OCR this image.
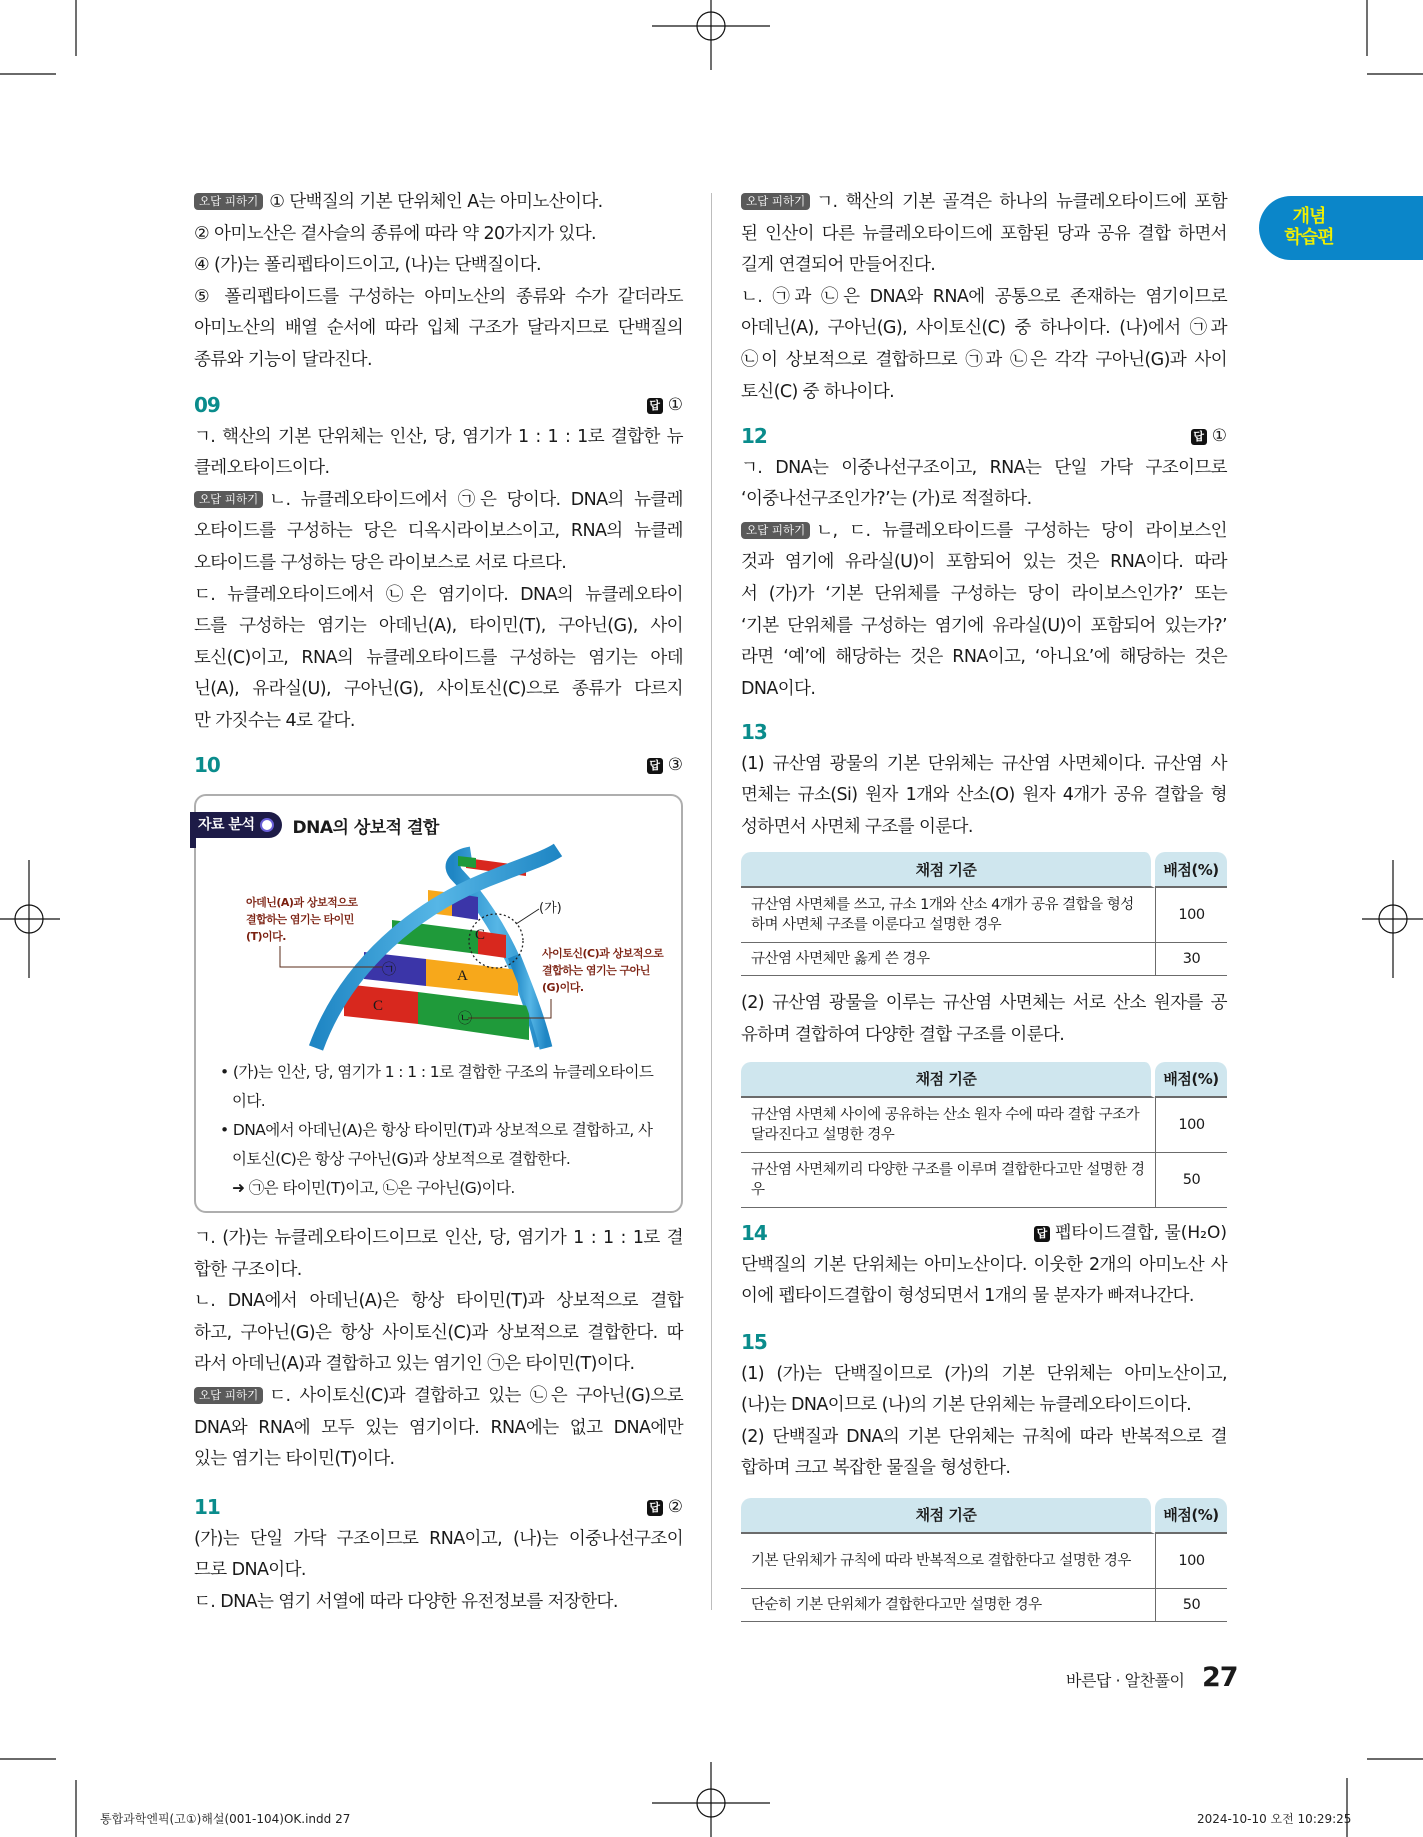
개념
학습편
오답 피하기 ① 단백질의 기본 단위체인 A는 아미노산이다.
② 아미노산은 곁사슬의 종류에 따라 약 20가지가 있다.
④ (가)는 폴리펩타이드이고, (나)는 단백질이다.
⑤ 폴리펩타이드를 구성하는 아미노산의 종류와 수가 같더라도
아미노산의 배열 순서에 따라 입체 구조가 달라지므로 단백질의
종류와 기능이 달라진다.
09	답 ①
ㄱ. 핵산의 기본 단위체는 인산, 당, 염기가 1 : 1 : 1로 결합한 뉴
클레오타이드이다.
오답 피하기 ㄴ. 뉴클레오타이드에서 ㉠은 당이다. DNA의 뉴클레
오타이드를 구성하는 당은 디옥시라이보스이고, RNA의 뉴클레
오타이드를 구성하는 당은 라이보스로 서로 다르다.
ㄷ. 뉴클레오타이드에서 ㉡은 염기이다. DNA의 뉴클레오타이
드를 구성하는 염기는 아데닌(A), 타이민(T), 구아닌(G), 사이
토신(C)이고, RNA의 뉴클레오타이드를 구성하는 염기는 아데
닌(A), 유라실(U), 구아닌(G), 사이토신(C)으로 종류가 다르지
만 가짓수는 4로 같다.
10	답 ③
자료 분석 DNA의 상보적 결합
C
㉠	A
C
㉡
(가)
아데닌(A)과 상보적으로
결합하는 염기는 타이민
(T)이다.
사이토신(C)과 상보적으로
결합하는 염기는 구아닌
(G)이다.
• (가)는 인산, 당, 염기가 1 : 1 : 1로 결합한 구조의 뉴클레오타이드이다.
• DNA에서 아데닌(A)은 항상 타이민(T)과 상보적으로 결합하고, 사이토신(C)은 항상 구아닌(G)과 상보적으로 결합한다.
➜ ㉠은 타이민(T)이고, ㉡은 구아닌(G)이다.
ㄱ. (가)는 뉴클레오타이드이므로 인산, 당, 염기가 1 : 1 : 1로 결
합한 구조이다.
ㄴ. DNA에서 아데닌(A)은 항상 타이민(T)과 상보적으로 결합
하고, 구아닌(G)은 항상 사이토신(C)과 상보적으로 결합한다. 따
라서 아데닌(A)과 결합하고 있는 염기인 ㉠은 타이민(T)이다.
오답 피하기 ㄷ. 사이토신(C)과 결합하고 있는 ㉡은 구아닌(G)으로
DNA와 RNA에 모두 있는 염기이다. RNA에는 없고 DNA에만
있는 염기는 타이민(T)이다.
11	답 ②
(가)는 단일 가닥 구조이므로 RNA이고, (나)는 이중나선구조이
므로 DNA이다.
ㄷ. DNA는 염기 서열에 따라 다양한 유전정보를 저장한다.
오답 피하기 ㄱ. 핵산의 기본 골격은 하나의 뉴클레오타이드에 포함
된 인산이 다른 뉴클레오타이드에 포함된 당과 공유 결합 하면서
길게 연결되어 만들어진다.
ㄴ. ㉠과 ㉡은 DNA와 RNA에 공통으로 존재하는 염기이므로
아데닌(A), 구아닌(G), 사이토신(C) 중 하나이다. (나)에서 ㉠과
㉡이 상보적으로 결합하므로 ㉠과 ㉡은 각각 구아닌(G)과 사이
토신(C) 중 하나이다.
12	답 ①
ㄱ. DNA는 이중나선구조이고, RNA는 단일 가닥 구조이므로
‘이중나선구조인가?’는 (가)로 적절하다.
오답 피하기 ㄴ, ㄷ. 뉴클레오타이드를 구성하는 당이 라이보스인
것과 염기에 유라실(U)이 포함되어 있는 것은 RNA이다. 따라
서 (가)가 ‘기본 단위체를 구성하는 당이 라이보스인가?’ 또는
‘기본 단위체를 구성하는 염기에 유라실(U)이 포함되어 있는가?’
라면 ‘예’에 해당하는 것은 RNA이고, ‘아니요’에 해당하는 것은
DNA이다.
13
(1) 규산염 광물의 기본 단위체는 규산염 사면체이다. 규산염 사
면체는 규소(Si) 원자 1개와 산소(O) 원자 4개가 공유 결합을 형
성하면서 사면체 구조를 이룬다.
채점 기준	배점(%)
규산염 사면체를 쓰고, 규소 1개와 산소 4개가 공유 결합을 형성하며 사면체 구조를 이룬다고 설명한 경우	100
규산염 사면체만 옳게 쓴 경우	30
(2) 규산염 광물을 이루는 규산염 사면체는 서로 산소 원자를 공
유하며 결합하여 다양한 결합 구조를 이룬다.
채점 기준	배점(%)
규산염 사면체 사이에 공유하는 산소 원자 수에 따라 결합 구조가 달라진다고 설명한 경우	100
규산염 사면체끼리 다양한 구조를 이루며 결합한다고만 설명한 경우	50
14	답 펩타이드결합, 물(H₂O)
단백질의 기본 단위체는 아미노산이다. 이웃한 2개의 아미노산 사
이에 펩타이드결합이 형성되면서 1개의 물 분자가 빠져나간다.
15
(1) (가)는 단백질이므로 (가)의 기본 단위체는 아미노산이고,
(나)는 DNA이므로 (나)의 기본 단위체는 뉴클레오타이드이다.
(2) 단백질과 DNA의 기본 단위체는 규칙에 따라 반복적으로 결
합하며 크고 복잡한 물질을 형성한다.
채점 기준	배점(%)
기본 단위체가 규칙에 따라 반복적으로 결합한다고 설명한 경우	100
단순히 기본 단위체가 결합한다고만 설명한 경우	50
바른답 · 알찬풀이 27
통합과학엔픽(고①)해설(001-104)OK.indd 27	2024-10-10 오전 10:29:25
